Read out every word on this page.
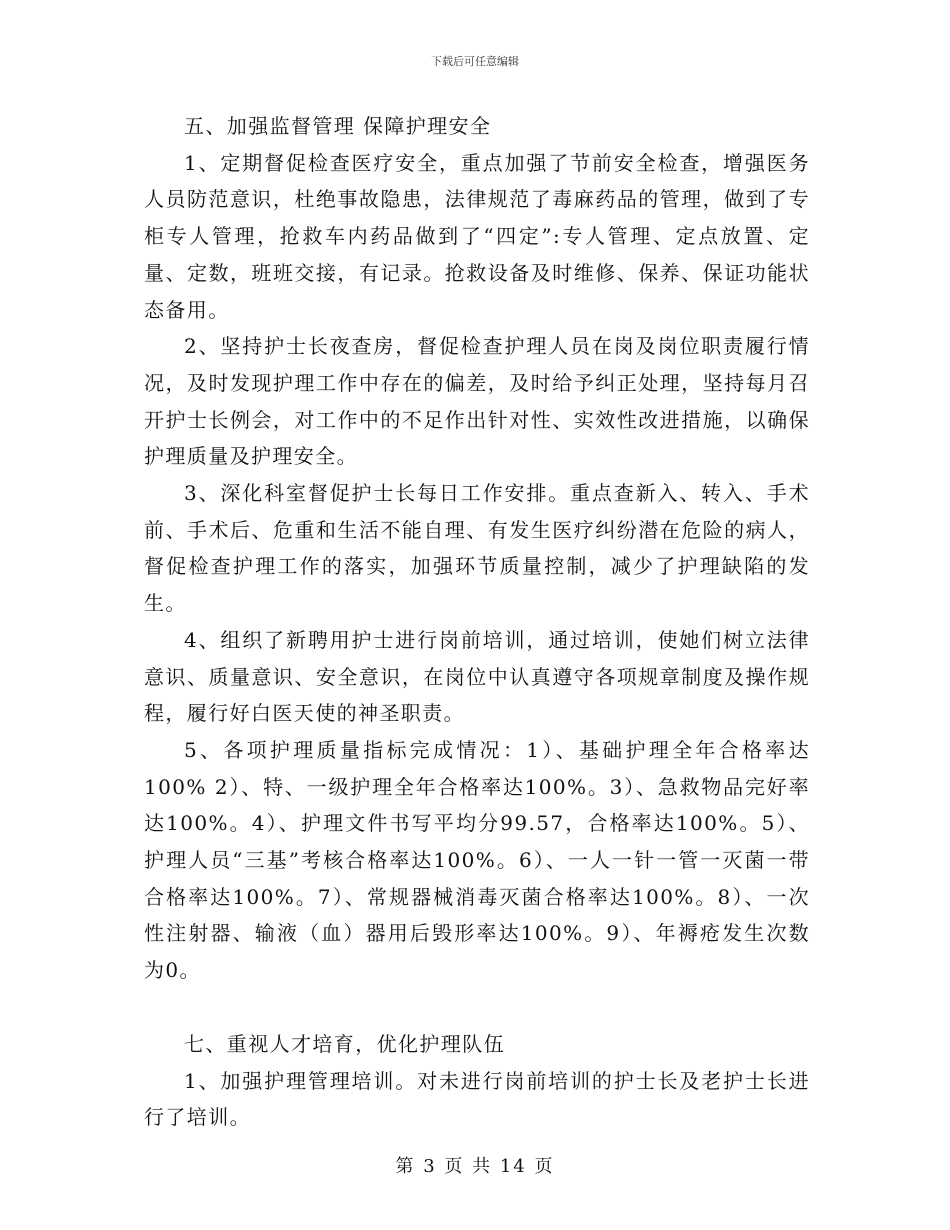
下载后可任意编辑

五、加强监督管理 保障护理安全

1、定期督促检查医疗安全，重点加强了节前安全检查，增强医务人员防范意识，杜绝事故隐患，法律规范了毒麻药品的管理，做到了专柜专人管理，抢救车内药品做到了“四定”:专人管理、定点放置、定量、定数，班班交接，有记录。抢救设备及时维修、保养、保证功能状态备用。

2、坚持护士长夜查房，督促检查护理人员在岗及岗位职责履行情况，及时发现护理工作中存在的偏差，及时给予纠正处理，坚持每月召开护士长例会，对工作中的不足作出针对性、实效性改进措施，以确保护理质量及护理安全。

3、深化科室督促护士长每日工作安排。重点查新入、转入、手术前、手术后、危重和生活不能自理、有发生医疗纠纷潜在危险的病人，督促检查护理工作的落实，加强环节质量控制，减少了护理缺陷的发生。

4、组织了新聘用护士进行岗前培训，通过培训，使她们树立法律意识、质量意识、安全意识，在岗位中认真遵守各项规章制度及操作规程，履行好白医天使的神圣职责。

5、各项护理质量指标完成情况：1）、基础护理全年合格率达100% 2）、特、一级护理全年合格率达100%。3）、急救物品完好率达100%。4）、护理文件书写平均分99.57，合格率达100%。5）、护理人员“三基”考核合格率达100%。6）、一人一针一管一灭菌一带合格率达100%。7）、常规器械消毒灭菌合格率达100%。8）、一次性注射器、输液（血）器用后毁形率达100%。9）、年褥疮发生次数为0。

七、重视人才培育，优化护理队伍

1、加强护理管理培训。对未进行岗前培训的护士长及老护士长进行了培训。

第 3 页 共 14 页
